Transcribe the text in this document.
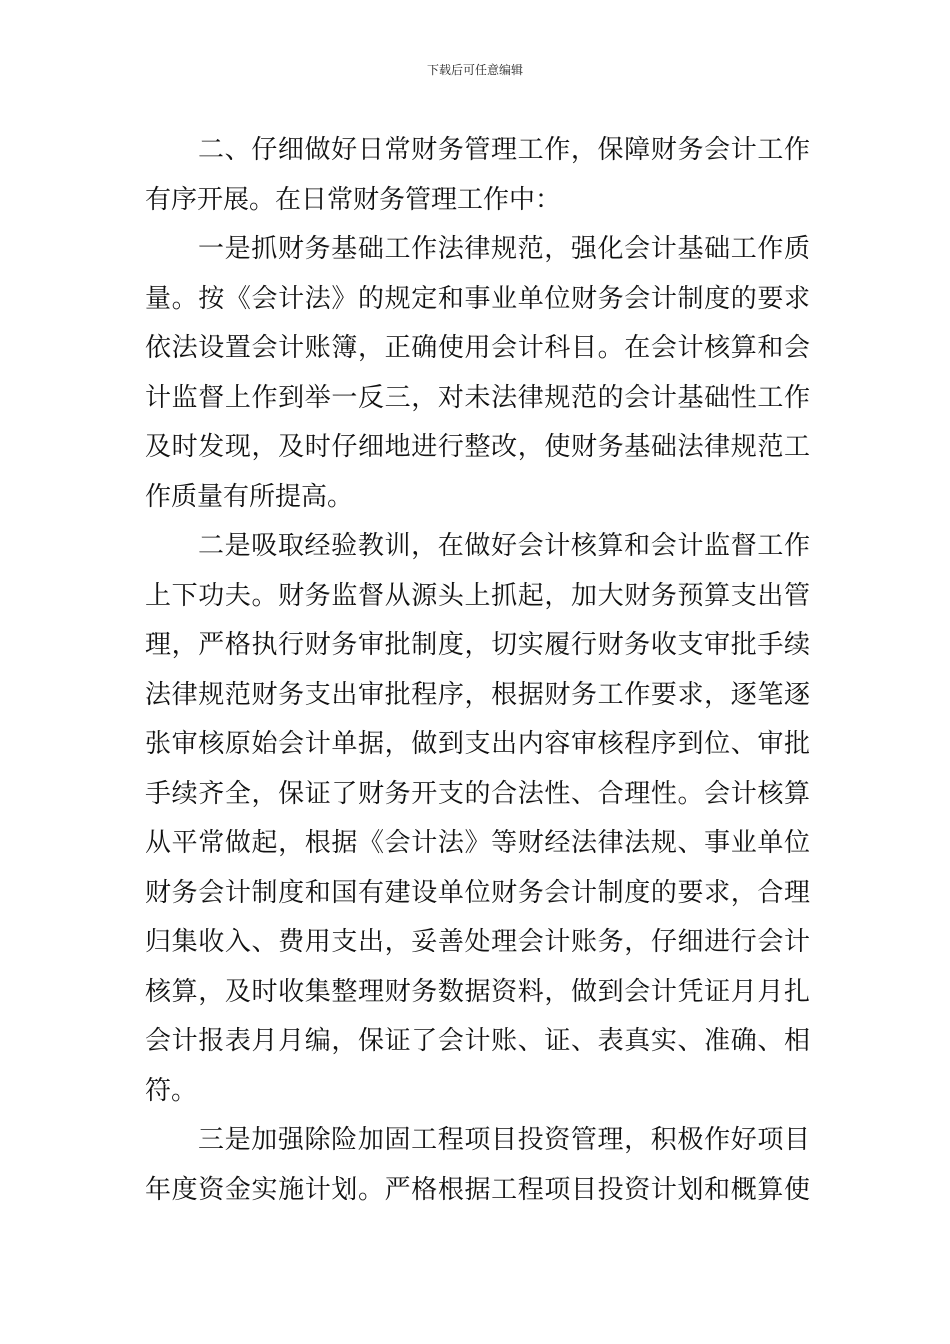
下载后可任意编辑
二、仔细做好日常财务管理工作，保障财务会计工作
有序开展。在日常财务管理工作中：
一是抓财务基础工作法律规范，强化会计基础工作质
量。按《会计法》的规定和事业单位财务会计制度的要求
依法设置会计账簿，正确使用会计科目。在会计核算和会
计监督上作到举一反三，对未法律规范的会计基础性工作
及时发现，及时仔细地进行整改，使财务基础法律规范工
作质量有所提高。
二是吸取经验教训，在做好会计核算和会计监督工作
上下功夫。财务监督从源头上抓起，加大财务预算支出管
理，严格执行财务审批制度，切实履行财务收支审批手续
法律规范财务支出审批程序，根据财务工作要求，逐笔逐
张审核原始会计单据，做到支出内容审核程序到位、审批
手续齐全，保证了财务开支的合法性、合理性。会计核算
从平常做起，根据《会计法》等财经法律法规、事业单位
财务会计制度和国有建设单位财务会计制度的要求，合理
归集收入、费用支出，妥善处理会计账务，仔细进行会计
核算，及时收集整理财务数据资料，做到会计凭证月月扎
会计报表月月编，保证了会计账、证、表真实、准确、相
符。
三是加强除险加固工程项目投资管理，积极作好项目
年度资金实施计划。严格根据工程项目投资计划和概算使
